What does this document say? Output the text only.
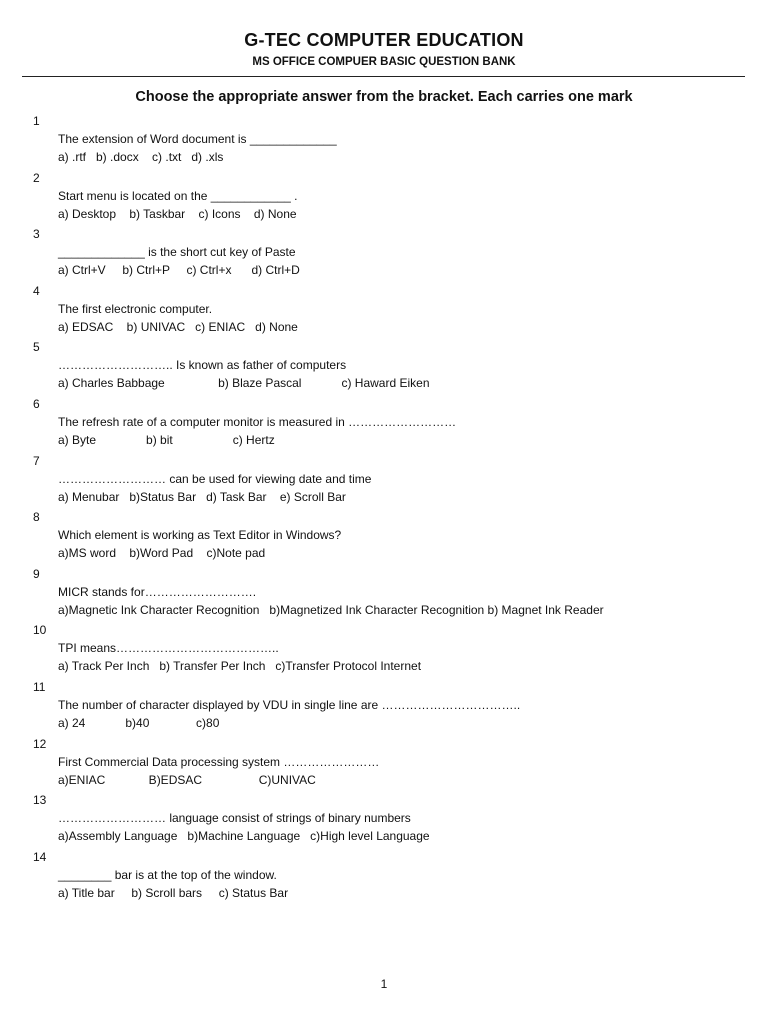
G-TEC COMPUTER EDUCATION
MS OFFICE COMPUER BASIC QUESTION BANK
Choose the appropriate answer from the bracket. Each carries one mark
1
The extension of Word document is _____________
a) .rtf   b) .docx    c) .txt   d) .xls
2
Start menu is located on the ____________ .
a) Desktop    b) Taskbar    c) Icons    d) None
3
_____________ is the short cut key of Paste
a) Ctrl+V     b) Ctrl+P     c) Ctrl+x      d) Ctrl+D
4
The first electronic computer.
a) EDSAC    b) UNIVAC   c) ENIAC   d) None
5
……………………….. Is known as father of computers
a) Charles Babbage                b) Blaze Pascal            c) Haward Eiken
6
The refresh rate of a computer monitor is measured in ………………………
a) Byte               b) bit                  c) Hertz
7
……………………… can be used for viewing date and time
a) Menubar   b)Status Bar   d) Task Bar    e) Scroll Bar
8
Which element is working as Text Editor in Windows?
a)MS word    b)Word Pad    c)Note pad
9
MICR stands for……………………….
a)Magnetic Ink Character Recognition   b)Magnetized Ink Character Recognition b) Magnet Ink Reader
10
TPI means…………………………………..
a) Track Per Inch   b) Transfer Per Inch   c)Transfer Protocol Internet
11
The number of character displayed by VDU in single line are ……………………………..
a) 24            b)40              c)80
12
First Commercial Data processing system ……………………
a)ENIAC             B)EDSAC                 C)UNIVAC
13
……………………… language consist of strings of binary numbers
a)Assembly Language   b)Machine Language   c)High level Language
14
________ bar is at the top of the window.
a) Title bar     b) Scroll bars     c) Status Bar
1
